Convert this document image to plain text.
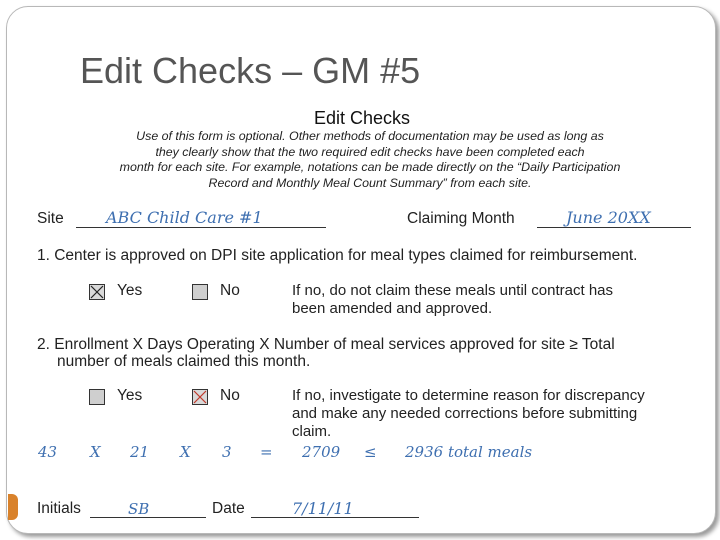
Edit Checks – GM #5
Edit Checks
Use of this form is optional. Other methods of documentation may be used as long as
they clearly show that the two required edit checks have been completed each
month for each site. For example, notations can be made directly on the “Daily Participation
Record and Monthly Meal Count Summary” from each site.
Site	ABC Child Care #1	Claiming Month	June 20XX
1. Center is approved on DPI site application for meal types claimed for reimbursement.
Yes	No	If no, do not claim these meals until contract has
been amended and approved.
2. Enrollment X Days Operating X Number of meal services approved for site ≥ Total
number of meals claimed this month.
Yes	No	If no, investigate to determine reason for discrepancy
and make any needed corrections before submitting
claim.
43 X 21 X 3 = 2709 ≤ 2936 total meals
Initials	SB	Date	7/11/11
